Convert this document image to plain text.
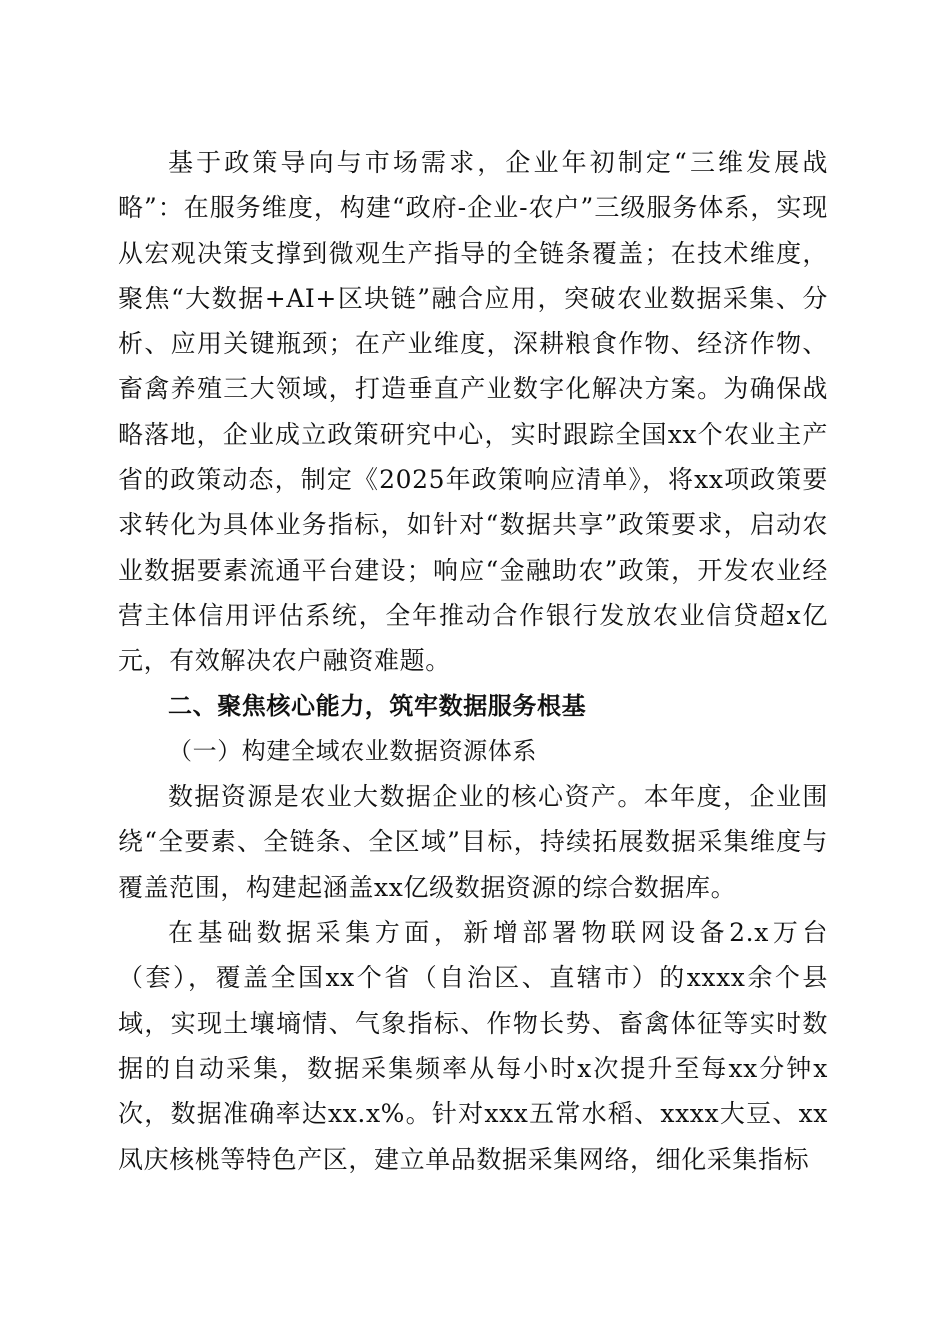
基于政策导向与市场需求，企业年初制定“三维发展战略”：在服务维度，构建“政府-企业-农户”三级服务体系，实现从宏观决策支撑到微观生产指导的全链条覆盖；在技术维度，聚焦“大数据+AI+区块链”融合应用，突破农业数据采集、分析、应用关键瓶颈；在产业维度，深耕粮食作物、经济作物、畜禽养殖三大领域，打造垂直产业数字化解决方案。为确保战略落地，企业成立政策研究中心，实时跟踪全国xx个农业主产省的政策动态，制定《2025年政策响应清单》，将xx项政策要求转化为具体业务指标，如针对“数据共享”政策要求，启动农业数据要素流通平台建设；响应“金融助农”政策，开发农业经营主体信用评估系统，全年推动合作银行发放农业信贷超x亿元，有效解决农户融资难题。

二、聚焦核心能力，筑牢数据服务根基

（一）构建全域农业数据资源体系

数据资源是农业大数据企业的核心资产。本年度，企业围绕“全要素、全链条、全区域”目标，持续拓展数据采集维度与覆盖范围，构建起涵盖xx亿级数据资源的综合数据库。

在基础数据采集方面，新增部署物联网设备2.x万台（套），覆盖全国xx个省（自治区、直辖市）的xxxx余个县域，实现土壤墒情、气象指标、作物长势、畜禽体征等实时数据的自动采集，数据采集频率从每小时x次提升至每xx分钟x次，数据准确率达xx.x%。针对xxx五常水稻、xxxx大豆、xx凤庆核桃等特色产区，建立单品数据采集网络，细化采集指标
